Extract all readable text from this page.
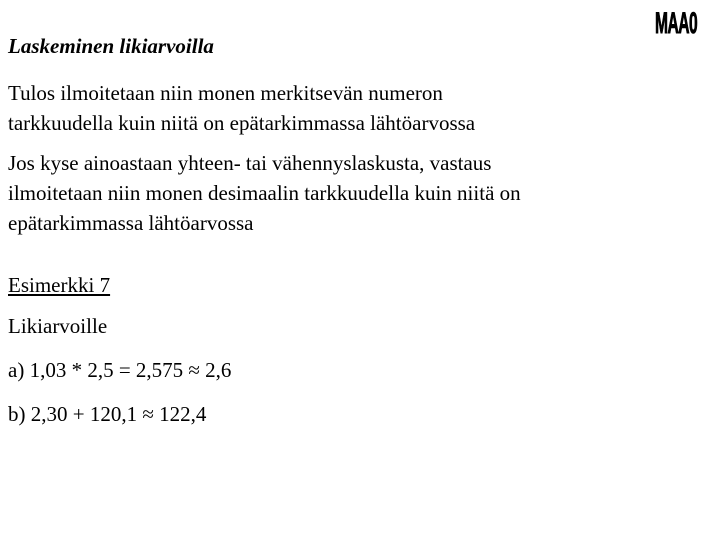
Laskeminen likiarvoilla
MAA0

Tulos ilmoitetaan niin monen merkitsevän numeron
tarkkuudella kuin niitä on epätarkimmassa lähtöarvossa

Jos kyse ainoastaan yhteen- tai vähennyslaskusta, vastaus
ilmoitetaan niin monen desimaalin tarkkuudella kuin niitä on
epätarkimmassa lähtöarvossa

Esimerkki 7
Likiarvoille
a) 1,03 * 2,5 = 2,575 ≈ 2,6
b) 2,30 + 120,1 ≈ 122,4
